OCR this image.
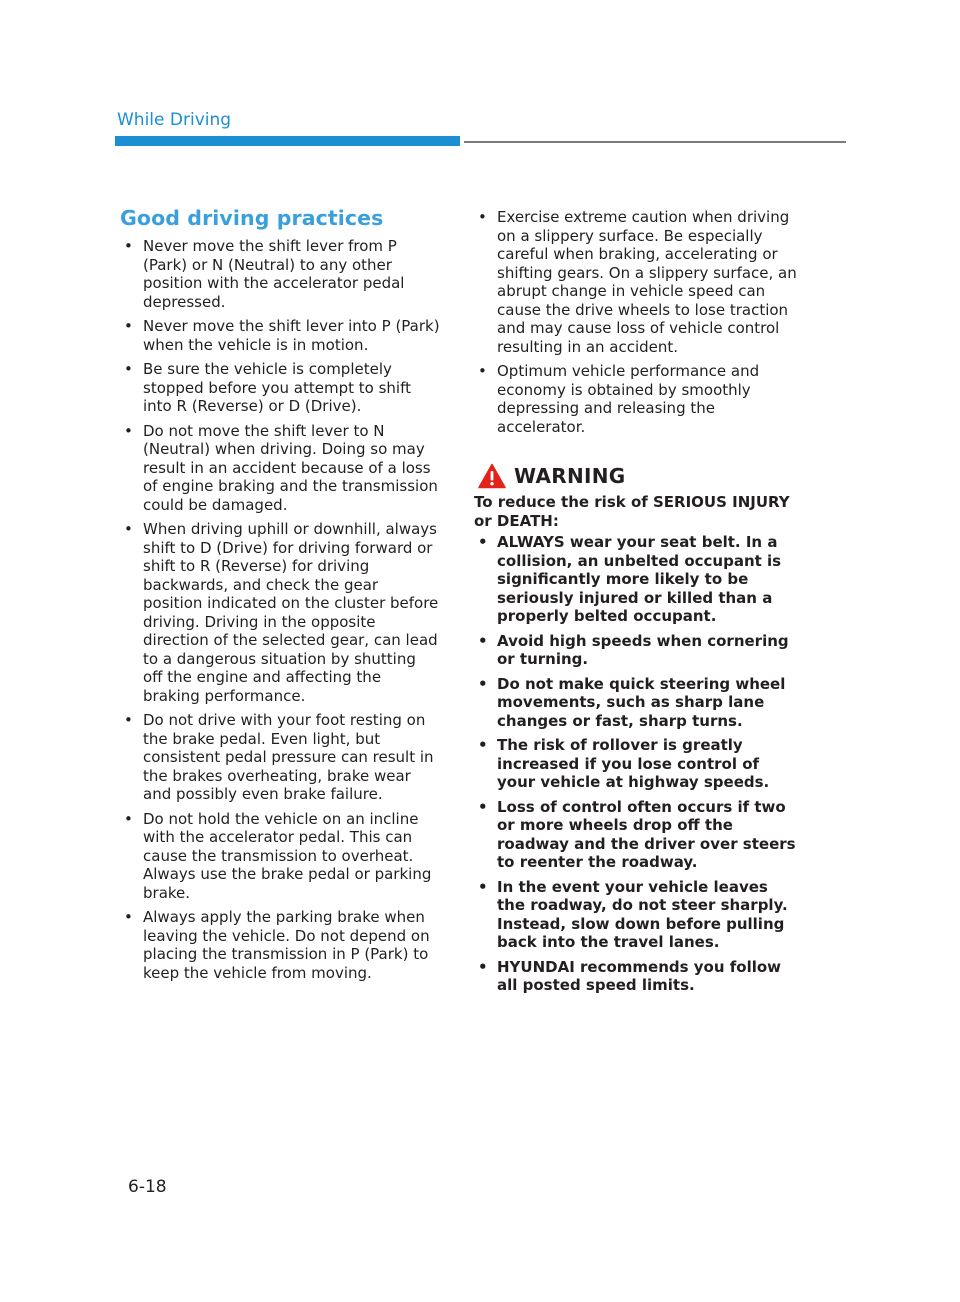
While Driving
Good driving practices
• Never move the shift lever from P (Park) or N (Neutral) to any other position with the accelerator pedal depressed.
• Never move the shift lever into P (Park) when the vehicle is in motion.
• Be sure the vehicle is completely stopped before you attempt to shift into R (Reverse) or D (Drive).
• Do not move the shift lever to N (Neutral) when driving. Doing so may result in an accident because of a loss of engine braking and the transmission could be damaged.
• When driving uphill or downhill, always shift to D (Drive) for driving forward or shift to R (Reverse) for driving backwards, and check the gear position indicated on the cluster before driving. Driving in the opposite direction of the selected gear, can lead to a dangerous situation by shutting off the engine and affecting the braking performance.
• Do not drive with your foot resting on the brake pedal. Even light, but consistent pedal pressure can result in the brakes overheating, brake wear and possibly even brake failure.
• Do not hold the vehicle on an incline with the accelerator pedal. This can cause the transmission to overheat. Always use the brake pedal or parking brake.
• Always apply the parking brake when leaving the vehicle. Do not depend on placing the transmission in P (Park) to keep the vehicle from moving.
• Exercise extreme caution when driving on a slippery surface. Be especially careful when braking, accelerating or shifting gears. On a slippery surface, an abrupt change in vehicle speed can cause the drive wheels to lose traction and may cause loss of vehicle control resulting in an accident.
• Optimum vehicle performance and economy is obtained by smoothly depressing and releasing the accelerator.
WARNING

To reduce the risk of SERIOUS INJURY or DEATH:

• ALWAYS wear your seat belt. In a collision, an unbelted occupant is significantly more likely to be seriously injured or killed than a properly belted occupant.
• Avoid high speeds when cornering or turning.
• Do not make quick steering wheel movements, such as sharp lane changes or fast, sharp turns.
• The risk of rollover is greatly increased if you lose control of your vehicle at highway speeds.
• Loss of control often occurs if two or more wheels drop off the roadway and the driver over steers to reenter the roadway.
• In the event your vehicle leaves the roadway, do not steer sharply. Instead, slow down before pulling back into the travel lanes.
• HYUNDAI recommends you follow all posted speed limits.
6-18
